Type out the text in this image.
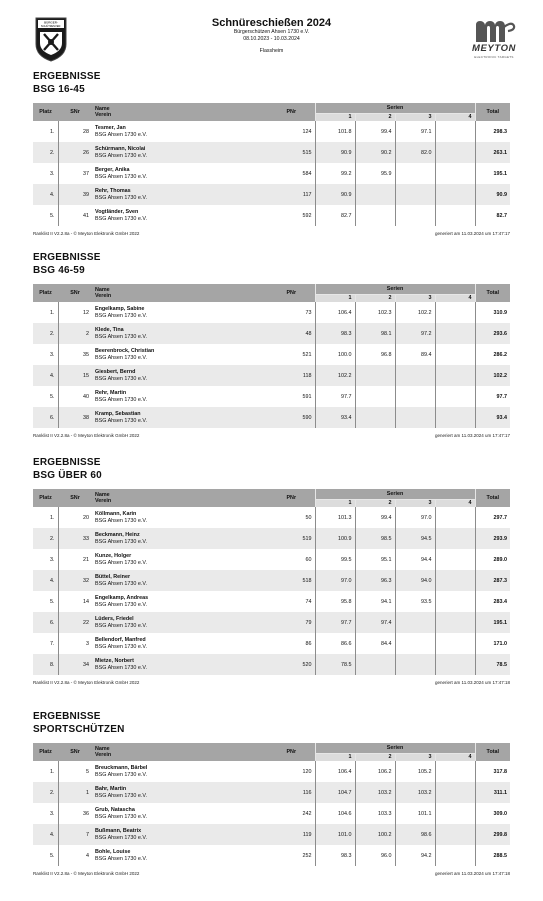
BÜRGER-
SCHÜTZENVER.	Schnüreschießen 2024
Bürgerschützen Ahsen 1730 e.V.
08.10.2023 - 10.03.2024
Flassheim	MEYTON
ELECTRONIC TARGETS
ERGEBNISSE
BSG 16-45
Platz	SNr	Name
Verein	PNr	Serien				Total
				1	2	3	4	
1.	28	Tesmer, Jan
BSG Ahsen 1730 e.V.	124	101.8	99.4	97.1		298.3
2.	26	Schürmann, Nicolai
BSG Ahsen 1730 e.V.	515	90.9	90.2	82.0		263.1
3.	37	Berger, Anika
BSG Ahsen 1730 e.V.	584	99.2	95.9			195.1
4.	39	Rehr, Thomas
BSG Ahsen 1730 e.V.	117	90.9				90.9
5.	41	Vogtländer, Sven
BSG Ahsen 1730 e.V.	592	82.7				82.7
Ranklist II V2.2.8a - © Meyton Elektronik GmbH 2022	generiert am 11.03.2024 um 17:47:17
ERGEBNISSE
BSG 46-59
Platz	SNr	Name
Verein	PNr	Serien				Total
				1	2	3	4	
1.	12	Engelkamp, Sabine
BSG Ahsen 1730 e.V.	73	106.4	102.3	102.2		310.9
2.	2	Klede, Tina
BSG Ahsen 1730 e.V.	48	98.3	98.1	97.2		293.6
3.	35	Beerenbrock, Christian
BSG Ahsen 1730 e.V.	521	100.0	96.8	89.4		286.2
4.	15	Giesbert, Bernd
BSG Ahsen 1730 e.V.	118	102.2				102.2
5.	40	Rehr, Martin
BSG Ahsen 1730 e.V.	591	97.7				97.7
6.	38	Kramp, Sebastian
BSG Ahsen 1730 e.V.	590	93.4				93.4
Ranklist II V2.2.8a - © Meyton Elektronik GmbH 2022	generiert am 11.03.2024 um 17:47:17
ERGEBNISSE
BSG ÜBER 60
Platz	SNr	Name
Verein	PNr	Serien				Total
				1	2	3	4	
1.	20	Köllmann, Karin
BSG Ahsen 1730 e.V.	50	101.3	99.4	97.0		297.7
2.	33	Beckmann, Heinz
BSG Ahsen 1730 e.V.	519	100.9	98.5	94.5		293.9
3.	21	Kunze, Holger
BSG Ahsen 1730 e.V.	60	99.5	95.1	94.4		289.0
4.	32	Büttel, Reiner
BSG Ahsen 1730 e.V.	518	97.0	96.3	94.0		287.3
5.	14	Engelkamp, Andreas
BSG Ahsen 1730 e.V.	74	95.8	94.1	93.5		283.4
6.	22	Lüders, Friedel
BSG Ahsen 1730 e.V.	79	97.7	97.4			195.1
7.	3	Bellendorf, Manfred
BSG Ahsen 1730 e.V.	86	86.6	84.4			171.0
8.	34	Mietze, Norbert
BSG Ahsen 1730 e.V.	520	78.5				78.5
Ranklist II V2.2.8a - © Meyton Elektronik GmbH 2022	generiert am 11.03.2024 um 17:47:18
ERGEBNISSE
SPORTSCHÜTZEN
Platz	SNr	Name
Verein	PNr	Serien				Total
				1	2	3	4	
1.	5	Breuckmann, Bärbel
BSG Ahsen 1730 e.V.	120	106.4	106.2	105.2		317.8
2.	1	Bahr, Martin
BSG Ahsen 1730 e.V.	116	104.7	103.2	103.2		311.1
3.	36	Grub, Natascha
BSG Ahsen 1730 e.V.	242	104.6	103.3	101.1		309.0
4.	7	Bußmann, Beatrix
BSG Ahsen 1730 e.V.	119	101.0	100.2	98.6		299.8
5.	4	Bohle, Louise
BSG Ahsen 1730 e.V.	252	98.3	96.0	94.2		288.5
Ranklist II V2.2.8a - © Meyton Elektronik GmbH 2022	generiert am 11.03.2024 um 17:47:18
